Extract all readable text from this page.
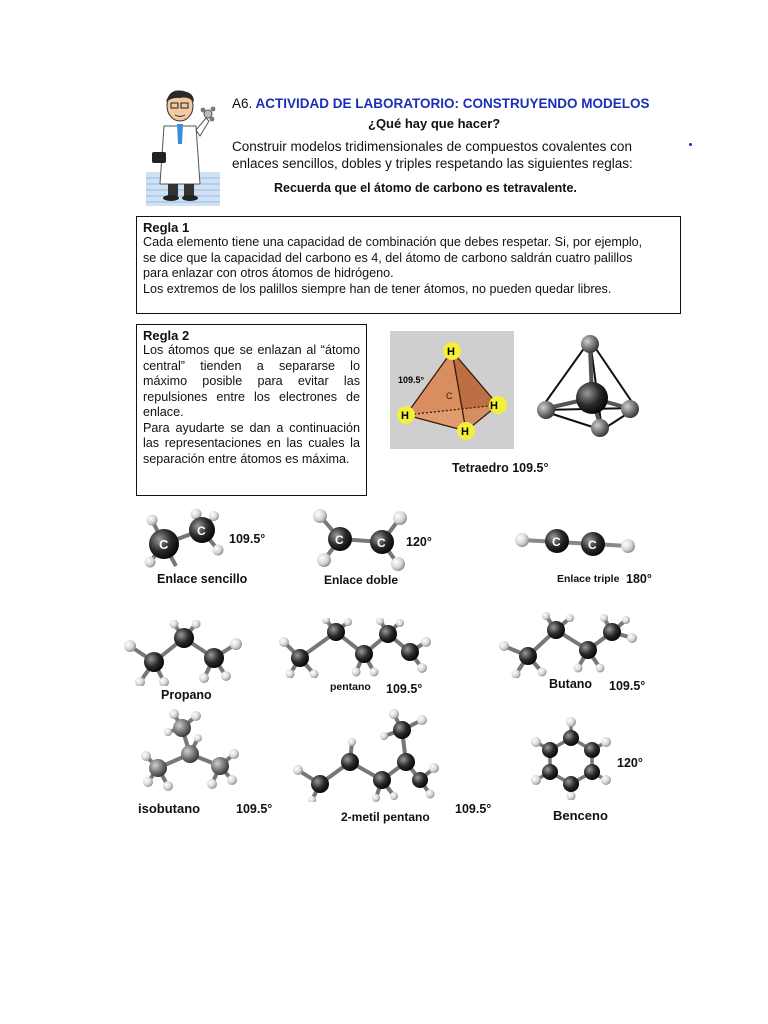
A6. ACTIVIDAD DE LABORATORIO: CONSTRUYENDO MODELOS
¿Qué hay que hacer?
Construir modelos tridimensionales de compuestos covalentes con
enlaces sencillos, dobles y triples respetando las siguientes reglas:
Recuerda que el átomo de carbono es tetravalente.
Regla 1

Cada elemento tiene una capacidad de combinación que debes respetar. Si, por ejemplo,

se dice que la capacidad del carbono es 4, del átomo de carbono saldrán cuatro palillos

para enlazar con otros átomos de hidrógeno.

Los extremos de los palillos siempre han de tener átomos, no pueden quedar libres.

Regla 2

Los átomos que se enlazan al “átomo central” tienden a separarse lo máximo posible para evitar las repulsiones entre los electrones de enlace.

Para ayudarte se dan a continuación las representaciones en las cuales la separación entre átomos es máxima.

H
H
H
H
C
109.5°
Tetraedro 109.5°
C
C
109.5°
Enlace sencillo
C	C 120°
Enlace doble
C C
Enlace triple 180°
Propano
pentano 109.5°	Butano 109.5°
isobutano	109.5°
2-metil pentano
109.5°
120°
Benceno
